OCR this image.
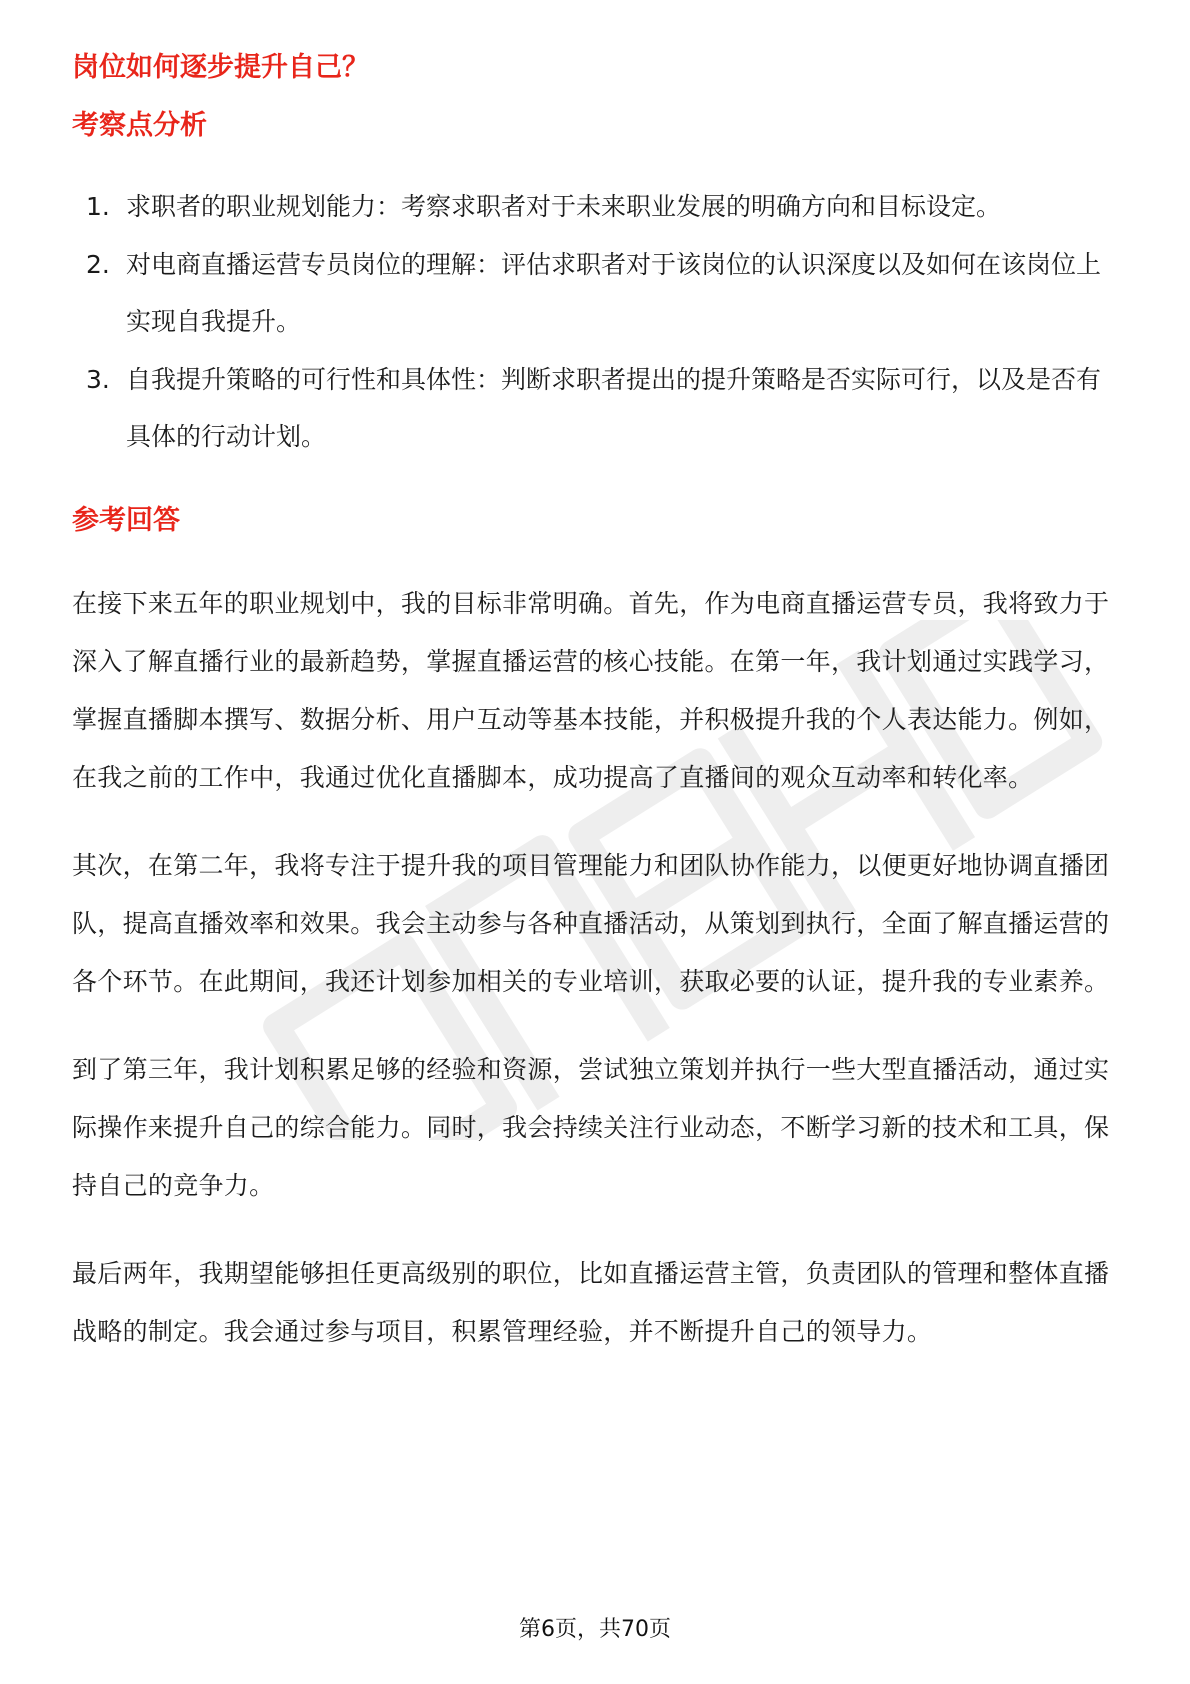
岗位如何逐步提升自己？
考察点分析
1. 求职者的职业规划能力：考察求职者对于未来职业发展的明确方向和目标设定。
2. 对电商直播运营专员岗位的理解：评估求职者对于该岗位的认识深度以及如何在该岗位上实现自我提升。
3. 自我提升策略的可行性和具体性：判断求职者提出的提升策略是否实际可行，以及是否有具体的行动计划。
参考回答

在接下来五年的职业规划中，我的目标非常明确。首先，作为电商直播运营专员，我将致力于深入了解直播行业的最新趋势，掌握直播运营的核心技能。在第一年，我计划通过实践学习，掌握直播脚本撰写、数据分析、用户互动等基本技能，并积极提升我的个人表达能力。例如，在我之前的工作中，我通过优化直播脚本，成功提高了直播间的观众互动率和转化率。

其次，在第二年，我将专注于提升我的项目管理能力和团队协作能力，以便更好地协调直播团队，提高直播效率和效果。我会主动参与各种直播活动，从策划到执行，全面了解直播运营的各个环节。在此期间，我还计划参加相关的专业培训，获取必要的认证，提升我的专业素养。

到了第三年，我计划积累足够的经验和资源，尝试独立策划并执行一些大型直播活动，通过实际操作来提升自己的综合能力。同时，我会持续关注行业动态，不断学习新的技术和工具，保持自己的竞争力。

最后两年，我期望能够担任更高级别的职位，比如直播运营主管，负责团队的管理和整体直播战略的制定。我会通过参与项目，积累管理经验，并不断提升自己的领导力。

第6页，共70页
